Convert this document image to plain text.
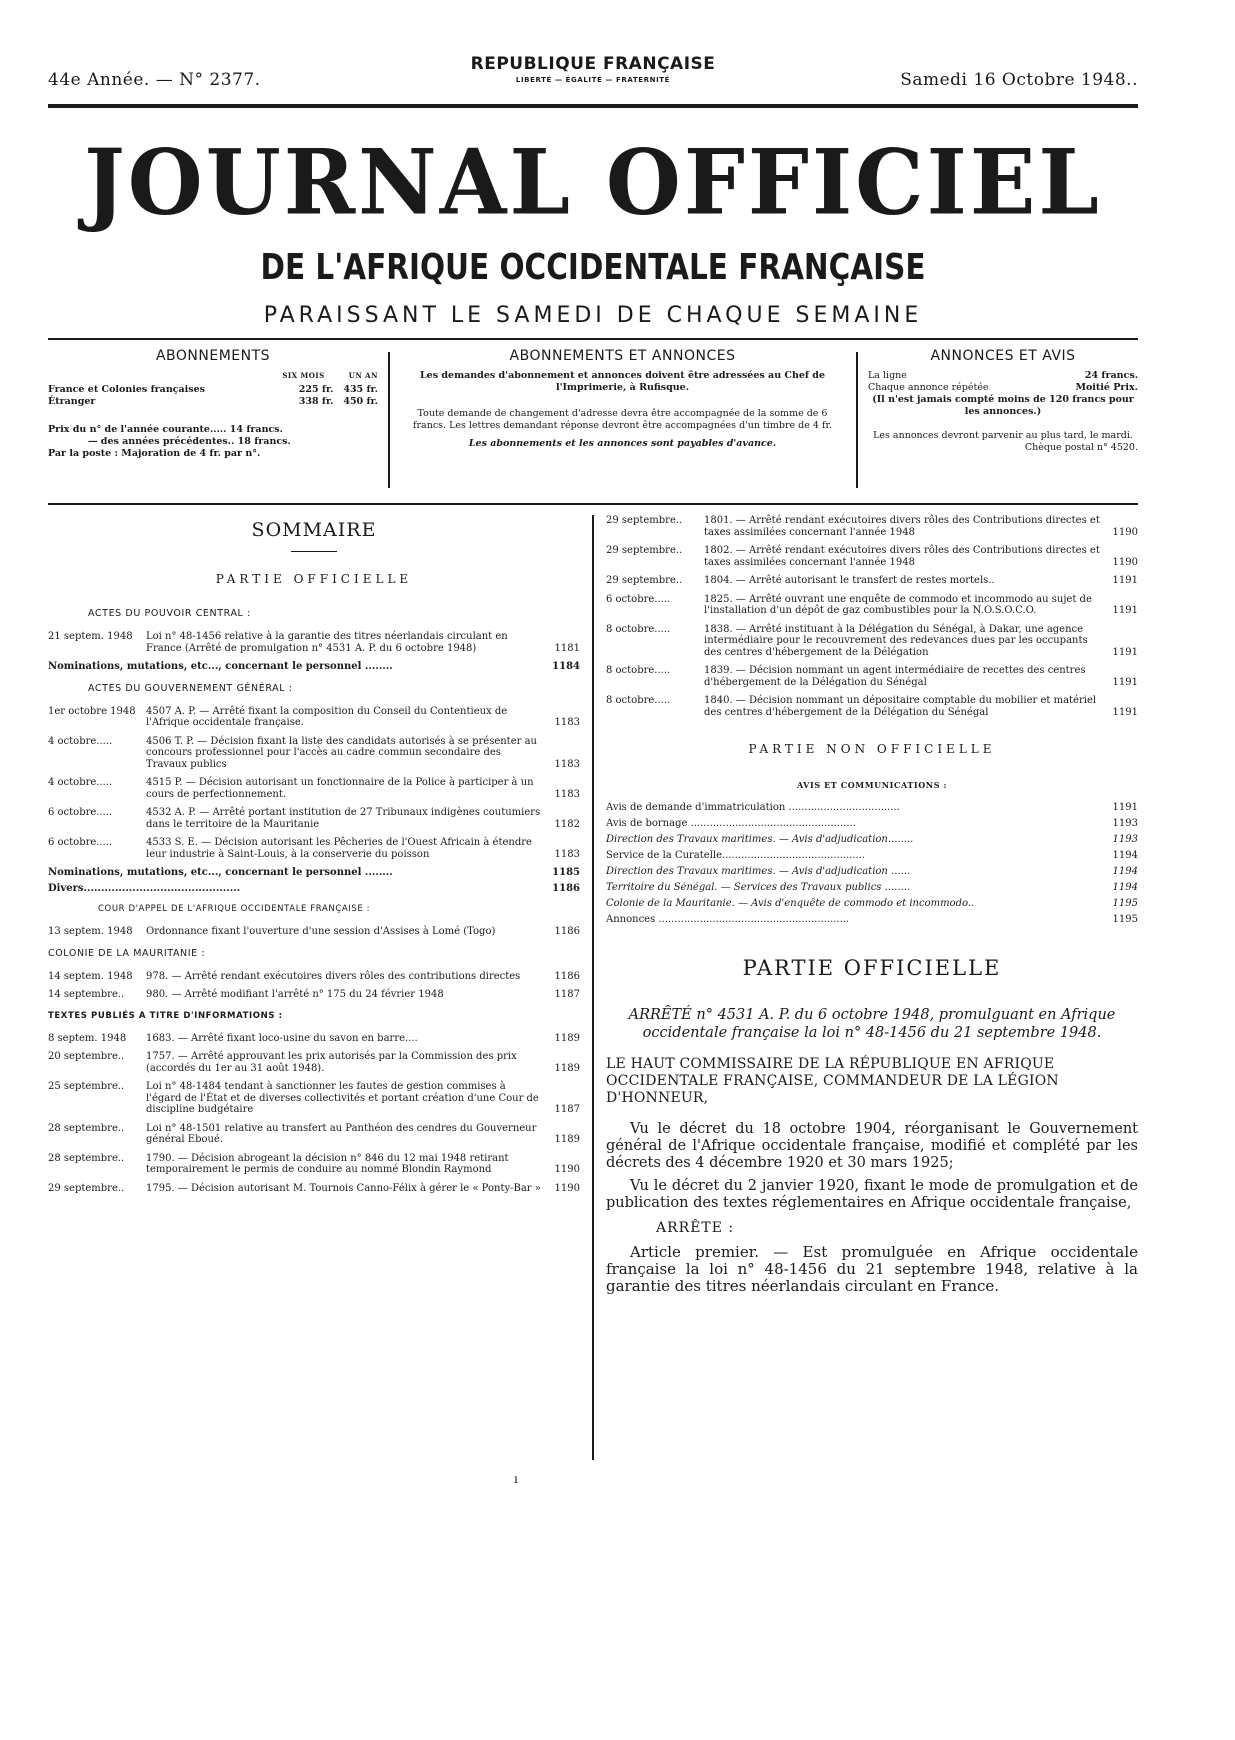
44e Année. — N° 2377.
REPUBLIQUE FRANÇAISE
LIBERTÉ — ÉGALITÉ — FRATERNITÉ	Samedi 16 Octobre 1948..
JOURNAL OFFICIEL
DE L'AFRIQUE OCCIDENTALE FRANÇAISE
PARAISSANT LE SAMEDI DE CHAQUE SEMAINE
ABONNEMENTS
SIX MOIS	UN AN
France et Colonies françaises	225 fr. 435 fr.
Étranger	338 fr. 450 fr.
Prix du n° de l'année courante..... 14 francs.
— des années précédentes.. 18 francs.
Par la poste : Majoration de 4 fr. par n°.
ABONNEMENTS ET ANNONCES
Les demandes d'abonnement et annonces doivent être adressées au Chef de l'Imprimerie, à Rufisque.
Toute demande de changement d'adresse devra être accompagnée de la somme de 6 francs. Les lettres demandant réponse devront être accompagnées d'un timbre de 4 fr.
Les abonnements et les annonces sont payables d'avance.
ANNONCES ET AVIS
La ligne	24 francs.
Chaque annonce répétée	Moitié Prix.
(Il n'est jamais compté moins de 120 francs pour les annonces.)
Les annonces devront parvenir au plus tard, le mardi.
Chèque postal n° 4520.
SOMMAIRE
PARTIE OFFICIELLE
ACTES DU POUVOIR CENTRAL :
21 septem. 1948	Loi n° 48-1456 relative à la garantie des titres néerlandais circulant en France (Arrêté de promulgation n° 4531 A. P. du 6 octobre 1948)	1181
Nominations, mutations, etc..., concernant le personnel ........	1184
ACTES DU GOUVERNEMENT GÉNÉRAL :
1er octobre 1948	4507 A. P. — Arrêté fixant la composition du Conseil du Contentieux de l'Afrique occidentale française.	1183
4 octobre.....	4506 T. P. — Décision fixant la liste des candidats autorisés à se présenter au concours professionnel pour l'accès au cadre commun secondaire des Travaux publics	1183
4 octobre.....	4515 P. — Décision autorisant un fonctionnaire de la Police à participer à un cours de perfectionnement.	1183
6 octobre.....	4532 A. P. — Arrêté portant institution de 27 Tribunaux indigènes coutumiers dans le territoire de la Mauritanie	1182
6 octobre.....	4533 S. E. — Décision autorisant les Pêcheries de l'Ouest Africain à étendre leur industrie à Saint-Louis, à la conserverie du poisson	1183
Nominations, mutations, etc..., concernant le personnel ........	1185
Divers.............................................	1186
COUR D'APPEL DE L'AFRIQUE OCCIDENTALE FRANÇAISE :
13 septem. 1948	Ordonnance fixant l'ouverture d'une session d'Assises à Lomé (Togo)	1186
COLONIE DE LA MAURITANIE :
14 septem. 1948	978. — Arrêté rendant exécutoires divers rôles des contributions directes	1186
14 septembre..	980. — Arrêté modifiant l'arrêté n° 175 du 24 février 1948	1187
TEXTES PUBLIÉS A TITRE D'INFORMATIONS :
8 septem. 1948	1683. — Arrêté fixant loco-usine du savon en barre....	1189
20 septembre..	1757. — Arrêté approuvant les prix autorisés par la Commission des prix (accordés du 1er au 31 août 1948).	1189
25 septembre..	Loi n° 48-1484 tendant à sanctionner les fautes de gestion commises à l'égard de l'État et de diverses collectivités et portant création d'une Cour de discipline budgétaire	1187
28 septembre..	Loi n° 48-1501 relative au transfert au Panthéon des cendres du Gouverneur général Eboué.	1189
28 septembre..	1790. — Décision abrogeant la décision n° 846 du 12 mai 1948 retirant temporairement le permis de conduire au nommé Blondin Raymond	1190
29 septembre..	1795. — Décision autorisant M. Tournois Canno-Félix à gérer le « Ponty-Bar »	1190
29 septembre..	1801. — Arrêté rendant exécutoires divers rôles des Contributions directes et taxes assimilées concernant l'année 1948	1190
29 septembre..	1802. — Arrêté rendant exécutoires divers rôles des Contributions directes et taxes assimilées concernant l'année 1948	1190
29 septembre..	1804. — Arrêté autorisant le transfert de restes mortels..	1191
6 octobre.....	1825. — Arrêté ouvrant une enquête de commodo et incommodo au sujet de l'installation d'un dépôt de gaz combustibles pour la N.O.S.O.C.O.	1191
8 octobre.....	1838. — Arrêté instituant à la Délégation du Sénégal, à Dakar, une agence intermédiaire pour le recouvrement des redevances dues par les occupants des centres d'hébergement de la Délégation	1191
8 octobre.....	1839. — Décision nommant un agent intermédiaire de recettes des centres d'hébergement de la Délégation du Sénégal	1191
8 octobre.....	1840. — Décision nommant un dépositaire comptable du mobilier et matériel des centres d'hébergement de la Délégation du Sénégal	1191
PARTIE NON OFFICIELLE
AVIS ET COMMUNICATIONS :
Avis de demande d'immatriculation ...................................	1191
Avis de bornage ....................................................	1193
Direction des Travaux maritimes. — Avis d'adjudication........	1193
Service de la Curatelle.............................................	1194
Direction des Travaux maritimes. — Avis d'adjudication ......	1194
Territoire du Sénégal. — Services des Travaux publics ........	1194
Colonie de la Mauritanie. — Avis d'enquête de commodo et incommodo..	1195
Annonces ............................................................	1195
PARTIE OFFICIELLE
ARRÊTÉ n° 4531 A. P. du 6 octobre 1948, promulguant en Afrique occidentale française la loi n° 48-1456 du 21 septembre 1948.
LE HAUT COMMISSAIRE DE LA RÉPUBLIQUE EN AFRIQUE OCCIDENTALE FRANÇAISE, COMMANDEUR DE LA LÉGION D'HONNEUR,
Vu le décret du 18 octobre 1904, réorganisant le Gouvernement général de l'Afrique occidentale française, modifié et complété par les décrets des 4 décembre 1920 et 30 mars 1925;
Vu le décret du 2 janvier 1920, fixant le mode de promulgation et de publication des textes réglementaires en Afrique occidentale française,
ARRÊTE :
Article premier. — Est promulguée en Afrique occidentale française la loi n° 48-1456 du 21 septembre 1948, relative à la garantie des titres néerlandais circulant en France.
ı
